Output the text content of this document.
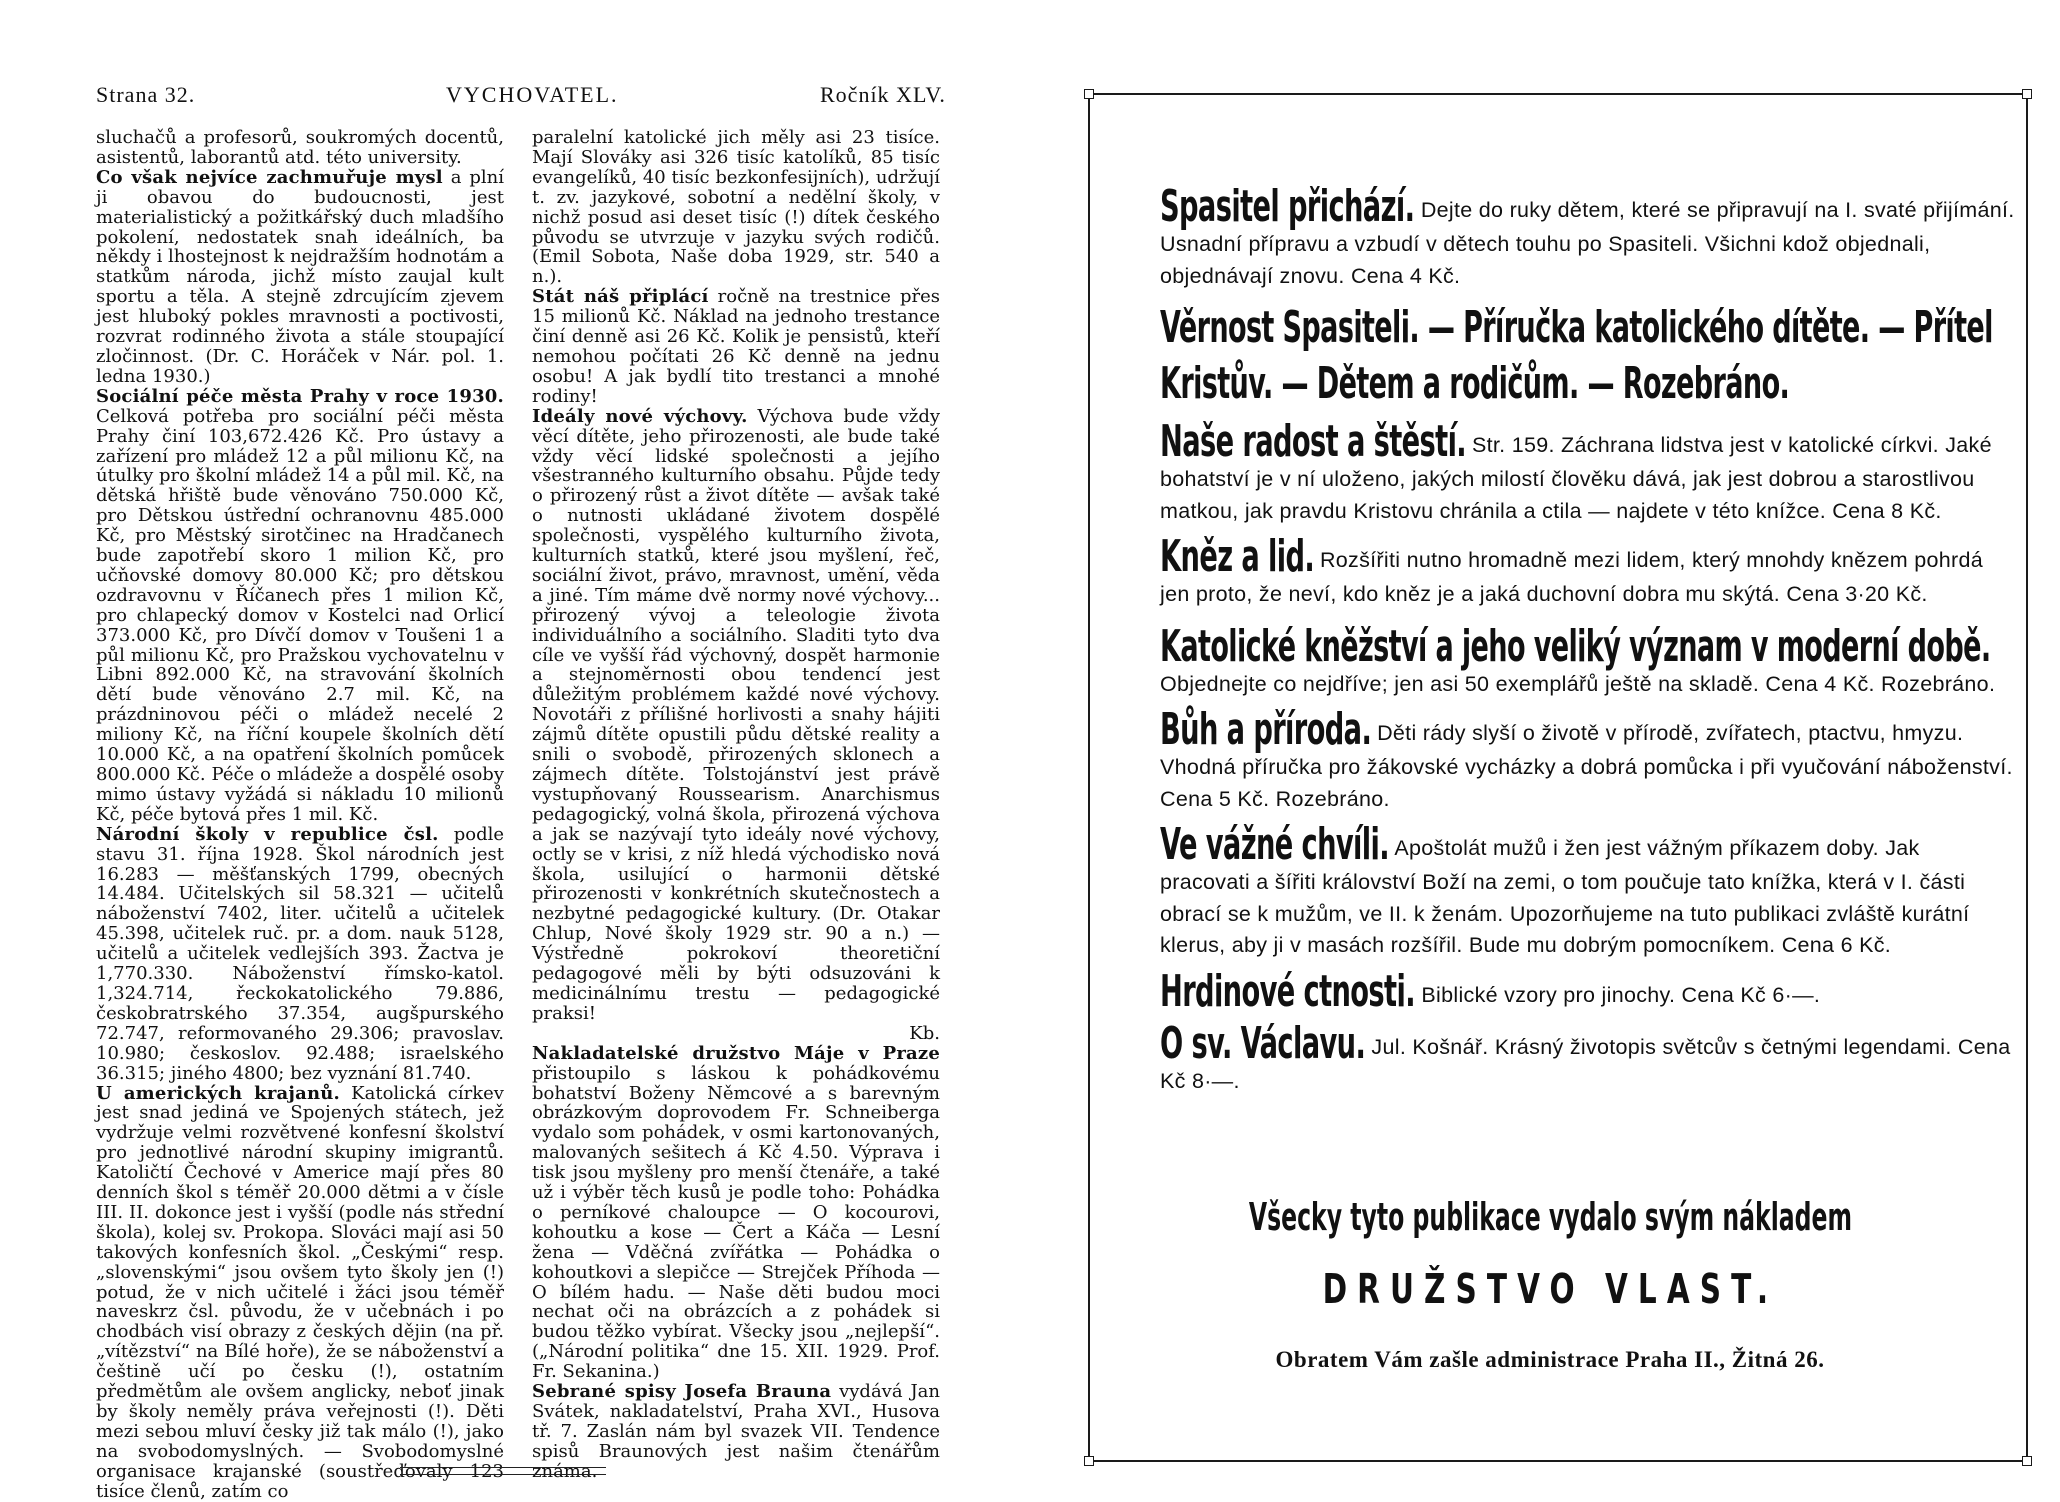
Strana 32.	VYCHOVATEL.	Ročník XLV.

sluchačů a profesorů, soukromých docentů, asistentů, laborantů atd. této university.

Co však nejvíce zachmuřuje mysl a plní ji obavou do budoucnosti, jest materialistický a požitkářský duch mladšího pokolení, nedostatek snah ideálních, ba někdy i lhostejnost k nejdražším hodnotám a statkům národa, jichž místo zaujal kult sportu a těla. A stejně zdrcujícím zjevem jest hluboký pokles mravnosti a poctivosti, rozvrat rodinného života a stále stoupající zločinnost. (Dr. C. Horáček v Nár. pol. 1. ledna 1930.)

Sociální péče města Prahy v roce 1930. Celková potřeba pro sociální péči města Prahy činí 103,672.426 Kč. Pro ústavy a zařízení pro mládež 12 a půl milionu Kč, na útulky pro školní mládež 14 a půl mil. Kč, na dětská hřiště bude věnováno 750.000 Kč, pro Dětskou ústřední ochranovnu 485.000 Kč, pro Městský sirotčinec na Hradčanech bude zapotřebí skoro 1 milion Kč, pro učňovské domovy 80.000 Kč; pro dětskou ozdravovnu v Říčanech přes 1 milion Kč, pro chlapecký domov v Kostelci nad Orlicí 373.000 Kč, pro Dívčí domov v Toušeni 1 a půl milionu Kč, pro Pražskou vychovatelnu v Libni 892.000 Kč, na stravování školních dětí bude věnováno 2.7 mil. Kč, na prázdninovou péči o mládež necelé 2 miliony Kč, na říční koupele školních dětí 10.000 Kč, a na opatření školních pomůcek 800.000 Kč. Péče o mládeže a dospělé osoby mimo ústavy vyžádá si nákladu 10 milionů Kč, péče bytová přes 1 mil. Kč.

Národní školy v republice čsl. podle stavu 31. října 1928. Škol národních jest 16.283 — měšťanských 1799, obecných 14.484. Učitelských sil 58.321 — učitelů náboženství 7402, liter. učitelů a učitelek 45.398, učitelek ruč. pr. a dom. nauk 5128, učitelů a učitelek vedlejších 393. Žactva je 1,770.330. Náboženství římsko-katol. 1,324.714, řeckokatolického 79.886, českobratrského 37.354, augšpurského 72.747, reformovaného 29.306; pravoslav. 10.980; českoslov. 92.488; israelského 36.315; jiného 4800; bez vyznání 81.740.

U amerických krajanů. Katolická církev jest snad jediná ve Spojených státech, jež vydržuje velmi rozvětvené konfesní školství pro jednotlivé národní skupiny imigrantů. Katoličtí Čechové v Americe mají přes 80 denních škol s téměř 20.000 dětmi a v čísle III. II. dokonce jest i vyšší (podle nás střední škola), kolej sv. Prokopa. Slováci mají asi 50 takových konfesních škol. „Českými“ resp. „slovenskými“ jsou ovšem tyto školy jen (!) potud, že v nich učitelé i žáci jsou téměř naveskrz čsl. původu, že v učebnách i po chodbách visí obrazy z českých dějin (na př. „vítězství“ na Bílé hoře), že se náboženství a češtině učí po česku (!), ostatním předmětům ale ovšem anglicky, neboť jinak by školy neměly práva veřejnosti (!). Děti mezi sebou mluví česky již tak málo (!), jako na svobodomyslných. — Svobodomyslné organisace krajanské (soustřeďovaly 123 tisíce členů, zatím co

paralelní katolické jich měly asi 23 tisíce. Mají Slováky asi 326 tisíc katolíků, 85 tisíc evangelíků, 40 tisíc bezkonfesijních), udržují t. zv. jazykové, sobotní a nedělní školy, v nichž posud asi deset tisíc (!) dítek českého původu se utvrzuje v jazyku svých rodičů. (Emil Sobota, Naše doba 1929, str. 540 a n.).

Stát náš připlácí ročně na trestnice přes 15 milionů Kč. Náklad na jednoho trestance činí denně asi 26 Kč. Kolik je pensistů, kteří nemohou počítati 26 Kč denně na jednu osobu! A jak bydlí tito trestanci a mnohé rodiny!

Ideály nové výchovy. Výchova bude vždy věcí dítěte, jeho přirozenosti, ale bude také vždy věcí lidské společnosti a jejího všestranného kulturního obsahu. Půjde tedy o přirozený růst a život dítěte — avšak také o nutnosti ukládané životem dospělé společnosti, vyspělého kulturního života, kulturních statků, které jsou myšlení, řeč, sociální život, právo, mravnost, umění, věda a jiné. Tím máme dvě normy nové výchovy... přirozený vývoj a teleologie života individuálního a sociálního. Sladiti tyto dva cíle ve vyšší řád výchovný, dospět harmonie a stejnoměrnosti obou tendencí jest důležitým problémem každé nové výchovy. Novotáři z přílišné horlivosti a snahy hájiti zájmů dítěte opustili půdu dětské reality a snili o svobodě, přirozených sklonech a zájmech dítěte. Tolstojánství jest právě vystupňovaný Roussearism. Anarchismus pedagogický, volná škola, přirozená výchova a jak se nazývají tyto ideály nové výchovy, octly se v krisi, z níž hledá východisko nová škola, usilující o harmonii dětské přirozenosti v konkrétních skutečnostech a nezbytné pedagogické kultury. (Dr. Otakar Chlup, Nové školy 1929 str. 90 a n.) — Výstředně pokrokoví theoretiční pedagogové měli by býti odsuzováni k medicinálnímu trestu — pedagogické praksi!

Kb.

Nakladatelské družstvo Máje v Praze přistoupilo s láskou k pohádkovému bohatství Boženy Němcové a s barevným obrázkovým doprovodem Fr. Schneiberga vydalo som pohádek, v osmi kartonovaných, malovaných sešitech á Kč 4.50. Výprava i tisk jsou myšleny pro menší čtenáře, a také už i výběr těch kusů je podle toho: Pohádka o perníkové chaloupce — O kocourovi, kohoutku a kose — Čert a Káča — Lesní žena — Vděčná zvířátka — Pohádka o kohoutkovi a slepičce — Strejček Příhoda — O bílém hadu. — Naše děti budou moci nechat oči na obrázcích a z pohádek si budou těžko vybírat. Všecky jsou „nejlepší“. („Národní politika“ dne 15. XII. 1929. Prof. Fr. Sekanina.)

Sebrané spisy Josefa Brauna vydává Jan Svátek, nakladatelství, Praha XVI., Husova tř. 7. Zaslán nám byl svazek VII. Tendence spisů Braunových jest našim čtenářům známa.

Spasitel přichází. Dejte do ruky dětem, které se připravují na I. svaté přijímání. Usnadní přípravu a vzbudí v dětech touhu po Spasiteli. Všichni kdož objednali, objednávají znovu. Cena 4 Kč.
Věrnost Spasiteli. — Příručka katolického dítěte. — Přítel Kristův. — Dětem a rodičům. — Rozebráno.
Naše radost a štěstí. Str. 159. Záchrana lidstva jest v katolické církvi. Jaké bohatství je v ní uloženo, jakých milostí člověku dává, jak jest dobrou a starostlivou matkou, jak pravdu Kristovu chránila a ctila — najdete v této knížce. Cena 8 Kč.
Kněz a lid. Rozšířiti nutno hromadně mezi lidem, který mnohdy knězem pohrdá jen proto, že neví, kdo kněz je a jaká duchovní dobra mu skýtá. Cena 3·20 Kč.
Katolické kněžství a jeho veliký význam v moderní době.
Objednejte co nejdříve; jen asi 50 exemplářů ještě na skladě. Cena 4 Kč. Rozebráno.
Bůh a příroda. Děti rády slyší o životě v přírodě, zvířatech, ptactvu, hmyzu. Vhodná příručka pro žákovské vycházky a dobrá pomůcka i při vyučování náboženství. Cena 5 Kč. Rozebráno.
Ve vážné chvíli. Apoštolát mužů i žen jest vážným příkazem doby. Jak pracovati a šířiti království Boží na zemi, o tom poučuje tato knížka, která v I. části obrací se k mužům, ve II. k ženám. Upozorňujeme na tuto publikaci zvláště kurátní klerus, aby ji v masách rozšířil. Bude mu dobrým pomocníkem. Cena 6 Kč.
Hrdinové ctnosti. Biblické vzory pro jinochy. Cena Kč 6·—.
O sv. Václavu. Jul. Košnář. Krásný životopis světcův s četnými legendami. Cena Kč 8·—.
Všecky tyto publikace vydalo svým nákladem
DRUŽSTVO VLAST.
Obratem Vám zašle administrace Praha II., Žitná 26.
